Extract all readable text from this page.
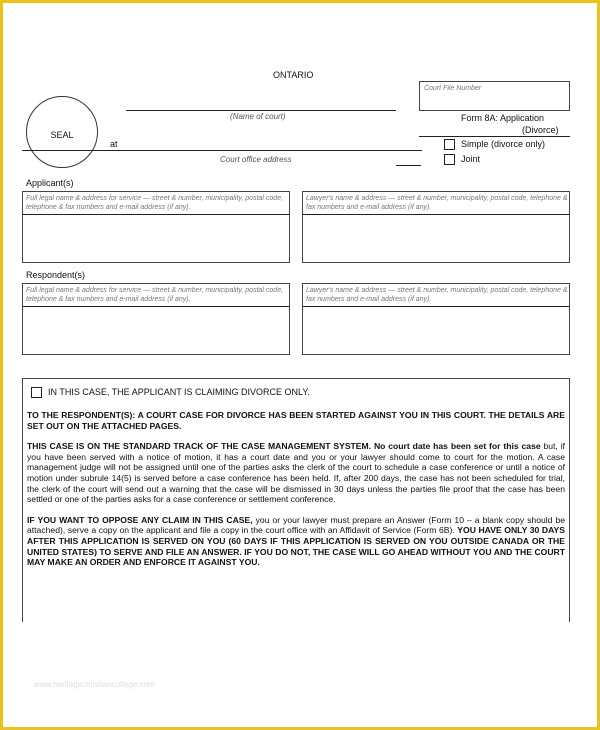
ONTARIO
SEAL
(Name of court)
at
Court office address
Court File Number
Form 8A: Application
(Divorce)
Simple (divorce only)
Joint
Applicant(s)
Full legal name & address for service — street & number, municipality, postal code, telephone & fax numbers and e-mail address (if any).
Lawyer's name & address — street & number, municipality, postal code, telephone & fax numbers and e-mail address (if any).
Respondent(s)
Full legal name & address for service — street & number, municipality, postal code, telephone & fax numbers and e-mail address (if any).
Lawyer's name & address — street & number, municipality, postal code, telephone & fax numbers and e-mail address (if any).
IN THIS CASE, THE APPLICANT IS CLAIMING DIVORCE ONLY.

TO THE RESPONDENT(S): A COURT CASE FOR DIVORCE HAS BEEN STARTED AGAINST YOU IN THIS COURT. THE DETAILS ARE SET OUT ON THE ATTACHED PAGES.

THIS CASE IS ON THE STANDARD TRACK OF THE CASE MANAGEMENT SYSTEM. No court date has been set for this case but, if you have been served with a notice of motion, it has a court date and you or your lawyer should come to court for the motion. A case management judge will not be assigned until one of the parties asks the clerk of the court to schedule a case conference or until a notice of motion under subrule 14(5) is served before a case conference has been held. If, after 200 days, the case has not been scheduled for trial, the clerk of the court will send out a warning that the case will be dismissed in 30 days unless the parties file proof that the case has been settled or one of the parties asks for a case conference or settlement conference.

IF YOU WANT TO OPPOSE ANY CLAIM IN THIS CASE, you or your lawyer must prepare an Answer (Form 10 – a blank copy should be attached), serve a copy on the applicant and file a copy in the court office with an Affidavit of Service (Form 6B). YOU HAVE ONLY 30 DAYS AFTER THIS APPLICATION IS SERVED ON YOU (60 DAYS IF THIS APPLICATION IS SERVED ON YOU OUTSIDE CANADA OR THE UNITED STATES) TO SERVE AND FILE AN ANSWER. IF YOU DO NOT, THE CASE WILL GO AHEAD WITHOUT YOU AND THE COURT MAY MAKE AN ORDER AND ENFORCE IT AGAINST YOU.

www.heritagechristiancollege.com
